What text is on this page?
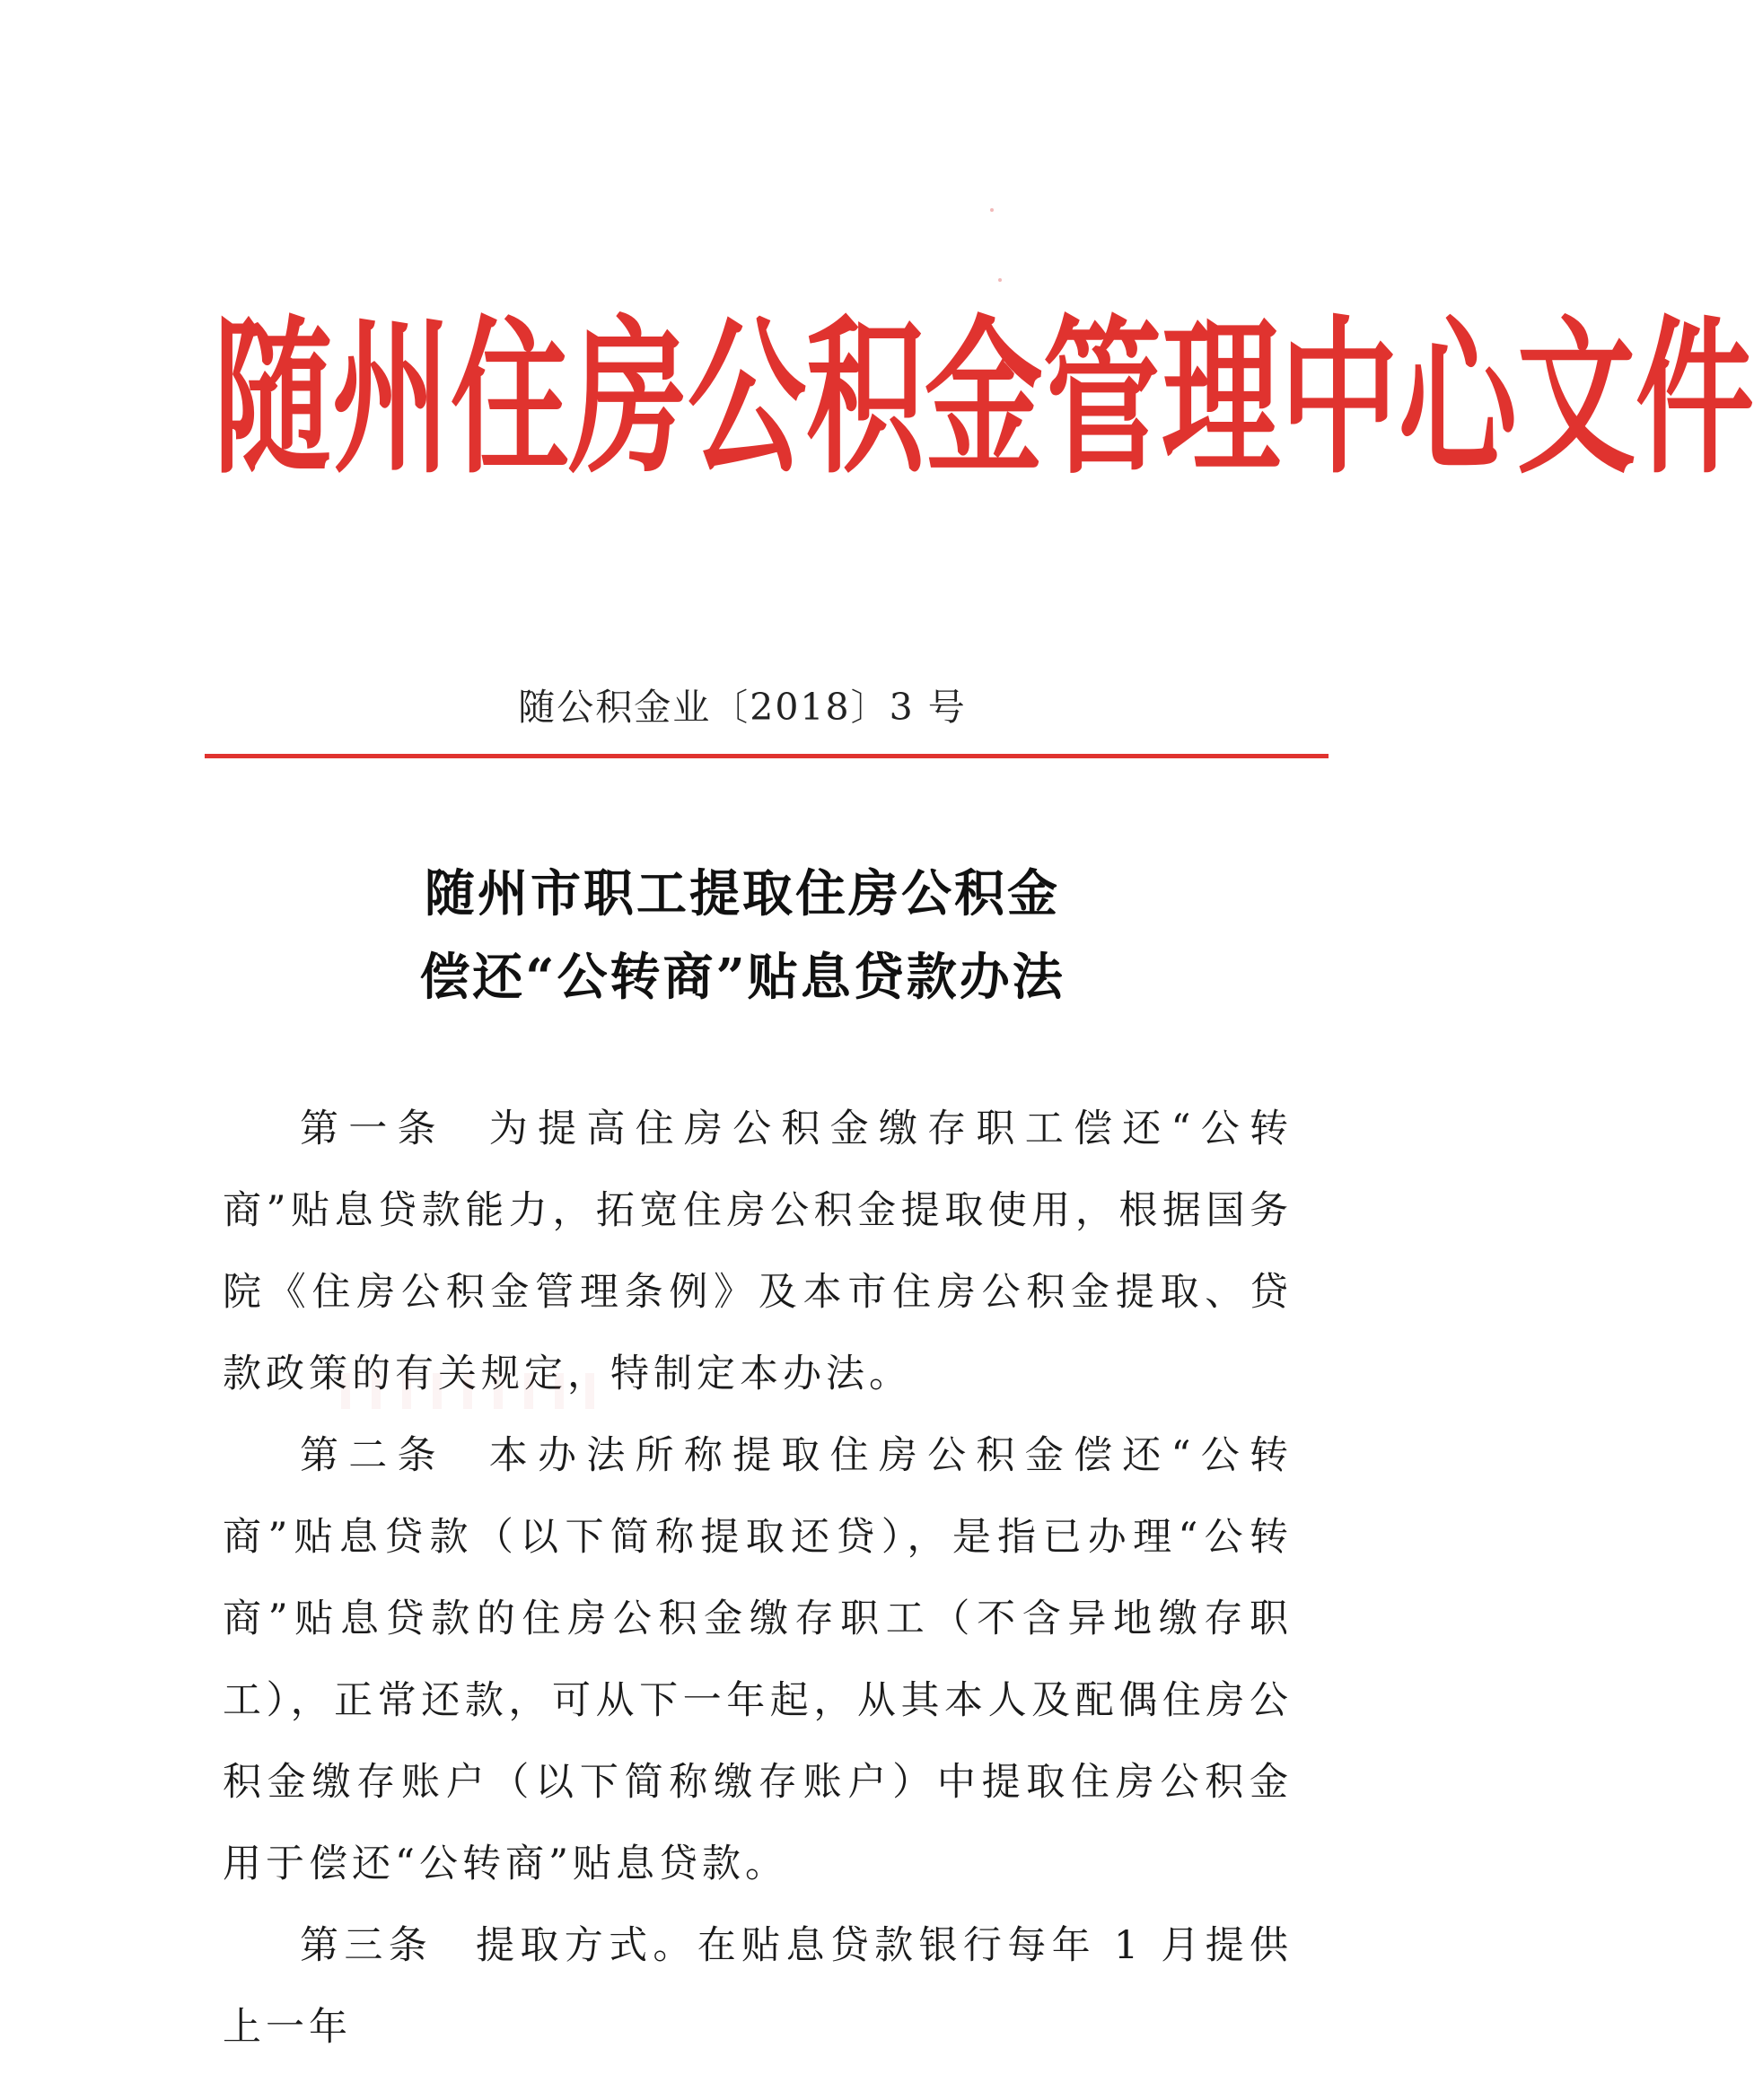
随 州 住 房 公 积 金 管 理 中 心 文 件
随公积金业〔2018〕3 号
随州市职工提取住房公积金
偿还“公转商”贴息贷款办法

第一条 为提高住房公积金缴存职工偿还“公转商”贴息贷款能力，拓宽住房公积金提取使用，根据国务院《住房公积金管理条例》及本市住房公积金提取、贷款政策的有关规定，特制定本办法。

第二条 本办法所称提取住房公积金偿还“公转商”贴息贷款（以下简称提取还贷），是指已办理“公转商”贴息贷款的住房公积金缴存职工（不含异地缴存职工），正常还款，可从下一年起，从其本人及配偶住房公积金缴存账户（以下简称缴存账户）中提取住房公积金用于偿还“公转商”贴息贷款。

第三条 提取方式。在贴息贷款银行每年 1 月提供上一年
